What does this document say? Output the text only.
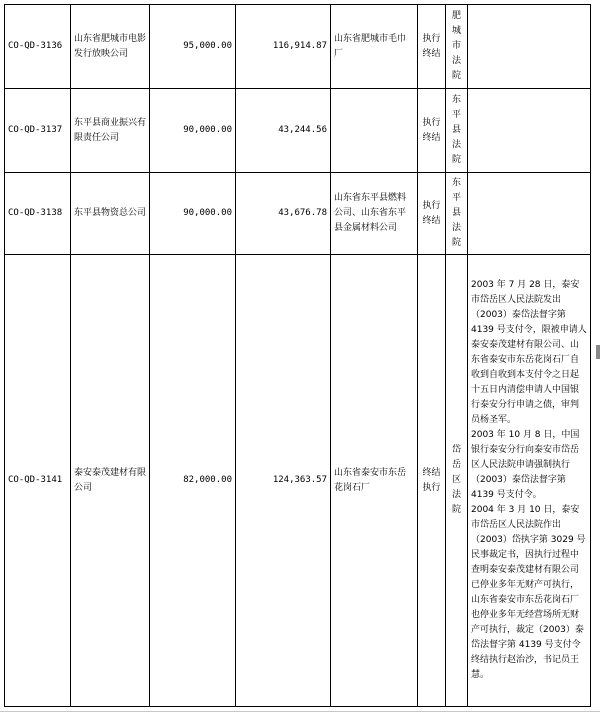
CO-QD-3136	山东省肥城市电影发行放映公司	95,000.00	116,914.87	山东省肥城市毛巾厂	执行终结	肥城市法院	

CO-QD-3137	东平县商业振兴有限责任公司	90,000.00	43,244.56		执行终结	东平县法院	

CO-QD-3138	东平县物资总公司	90,000.00	43,676.78	山东省东平县燃料公司、山东省东平县金属材料公司	执行终结	东平县法院	

CO-QD-3141	泰安泰茂建材有限公司	82,000.00	124,363.57	山东省泰安市东岳花岗石厂	终结执行	岱岳区法院	2003 年 7 月 28 日，泰安市岱岳区人民法院发出（2003）泰岱法督字第 4139 号支付令，限被申请人泰安泰茂建材有限公司、山东省泰安市东岳花岗石厂自收到自收到本支付令之日起十五日内清偿申请人中国银行泰安分行申请之债，审判员杨圣军。
2003 年 10 月 8 日，中国银行泰安分行向泰安市岱岳区人民法院申请强制执行（2003）泰岱法督字第 4139 号支付令。
2004 年 3 月 10 日，泰安市岱岳区人民法院作出（2003）岱执字第 3029 号民事裁定书，因执行过程中查明泰安泰茂建材有限公司已停业多年无财产可执行，山东省泰安市东岳花岗石厂也停业多年无经营场所无财产可执行，裁定（2003）泰岱法督字第 4139 号支付令终结执行赵治沙，书记员王慧。
